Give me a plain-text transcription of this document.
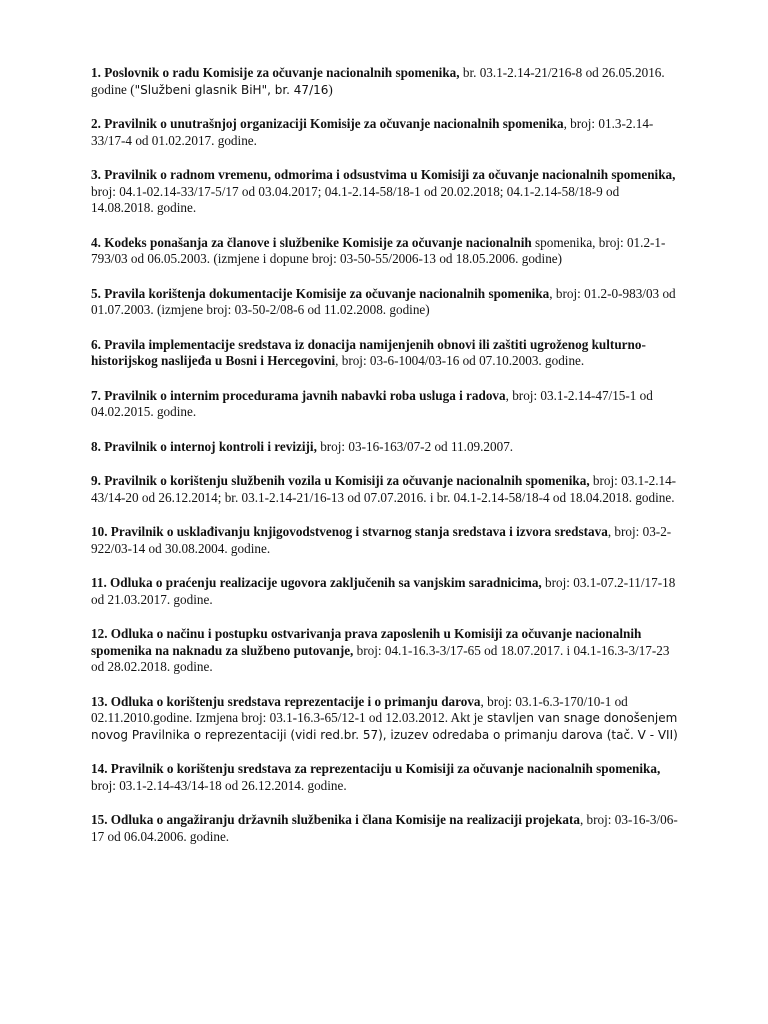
1. Poslovnik o radu Komisije za očuvanje nacionalnih spomenika, br. 03.1-2.14-21/216-8 od 26.05.2016. godine ("Službeni glasnik BiH", br. 47/16)

2. Pravilnik o unutrašnjoj organizaciji Komisije za očuvanje nacionalnih spomenika, broj: 01.3-2.14-33/17-4 od 01.02.2017. godine.

3. Pravilnik o radnom vremenu, odmorima i odsustvima u Komisiji za očuvanje nacionalnih spomenika, broj: 04.1-02.14-33/17-5/17 od 03.04.2017; 04.1-2.14-58/18-1 od 20.02.2018; 04.1-2.14-58/18-9 od 14.08.2018. godine.

4. Kodeks ponašanja za članove i službenike Komisije za očuvanje nacionalnih spomenika, broj: 01.2-1-793/03 od 06.05.2003. (izmjene i dopune broj: 03-50-55/2006-13 od 18.05.2006. godine)

5. Pravila korištenja dokumentacije Komisije za očuvanje nacionalnih spomenika, broj: 01.2-0-983/03 od 01.07.2003. (izmjene broj: 03-50-2/08-6 od 11.02.2008. godine)

6. Pravila implementacije sredstava iz donacija namijenjenih obnovi ili zaštiti ugroženog kulturno-historijskog naslijeđa u Bosni i Hercegovini, broj: 03-6-1004/03-16 od 07.10.2003. godine.

7. Pravilnik o internim procedurama javnih nabavki roba usluga i radova, broj: 03.1-2.14-47/15-1 od 04.02.2015. godine.

8. Pravilnik o internoj kontroli i reviziji, broj: 03-16-163/07-2 od 11.09.2007.

9. Pravilnik o korištenju službenih vozila u Komisiji za očuvanje nacionalnih spomenika, broj: 03.1-2.14-43/14-20 od 26.12.2014; br. 03.1-2.14-21/16-13 od 07.07.2016. i br. 04.1-2.14-58/18-4 od 18.04.2018. godine.

10. Pravilnik o usklađivanju knjigovodstvenog i stvarnog stanja sredstava i izvora sredstava, broj: 03-2-922/03-14 od 30.08.2004. godine.

11. Odluka o praćenju realizacije ugovora zaključenih sa vanjskim saradnicima, broj: 03.1-07.2-11/17-18 od 21.03.2017. godine.

12. Odluka o načinu i postupku ostvarivanja prava zaposlenih u Komisiji za očuvanje nacionalnih spomenika na naknadu za službeno putovanje, broj: 04.1-16.3-3/17-65 od 18.07.2017. i 04.1-16.3-3/17-23 od 28.02.2018. godine.

13. Odluka o korištenju sredstava reprezentacije i o primanju darova, broj: 03.1-6.3-170/10-1 od 02.11.2010.godine. Izmjena broj: 03.1-16.3-65/12-1 od 12.03.2012. Akt je stavljen van snage donošenjem novog Pravilnika o reprezentaciji (vidi red.br. 57), izuzev odredaba o primanju darova (tač. V - VII)

14. Pravilnik o korištenju sredstava za reprezentaciju u Komisiji za očuvanje nacionalnih spomenika, broj: 03.1-2.14-43/14-18 od 26.12.2014. godine.

15. Odluka o angažiranju državnih službenika i člana Komisije na realizaciji projekata, broj: 03-16-3/06-17 od 06.04.2006. godine.
